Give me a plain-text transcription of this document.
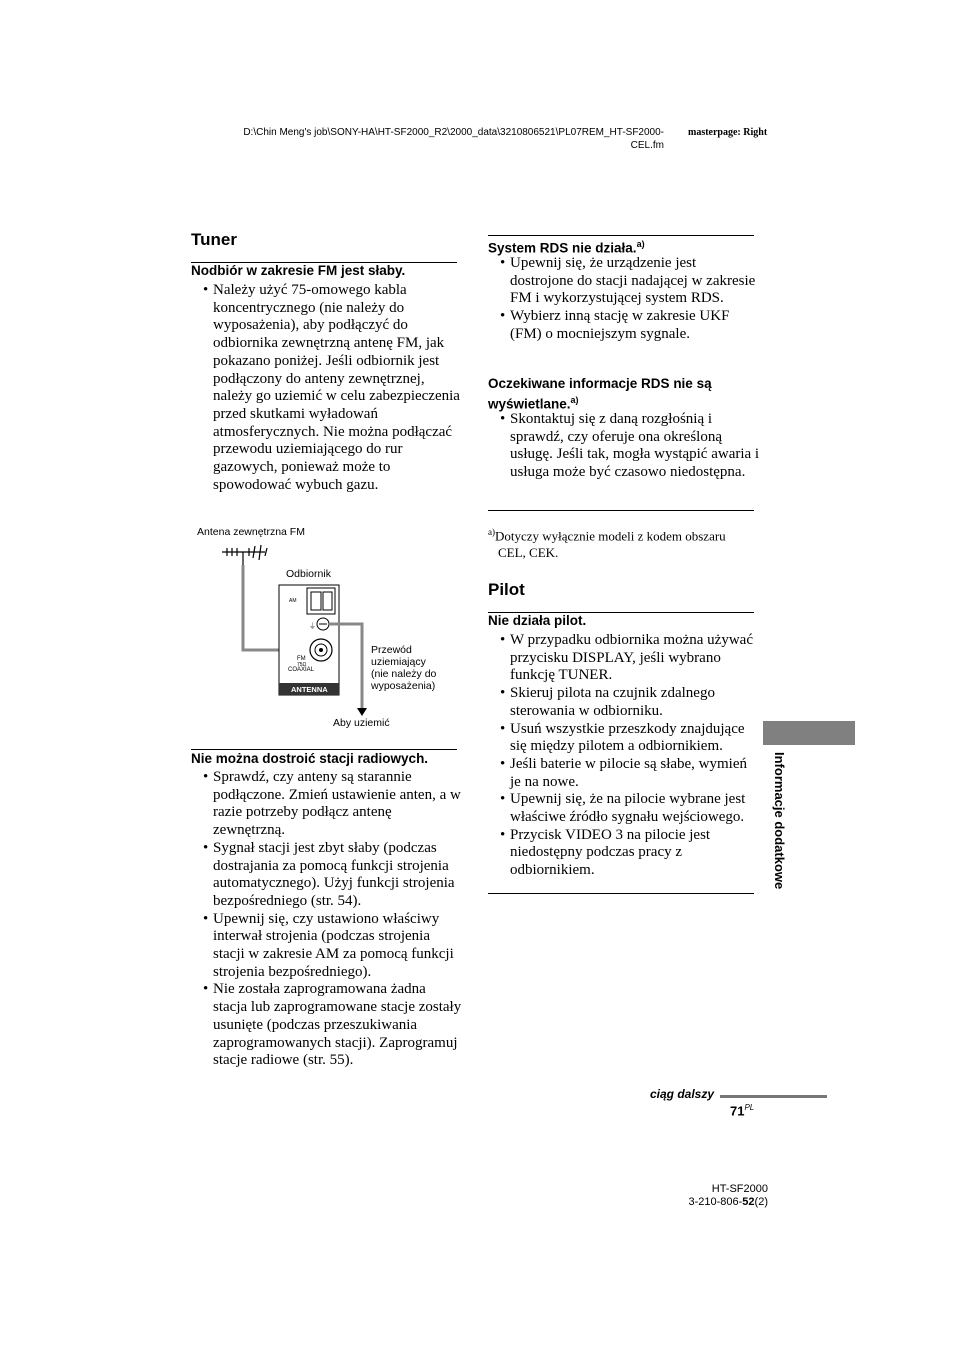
D:\Chin Meng's job\SONY-HA\HT-SF2000_R2\2000_data\3210806521\PL07REM_HT-SF2000-
CEL.fm
masterpage: Right
Tuner
Nodbiór w zakresie FM jest słaby.
• Należy użyć 75-omowego kabla koncentrycznego (nie należy do wyposażenia), aby podłączyć do odbiornika zewnętrzną antenę FM, jak pokazano poniżej. Jeśli odbiornik jest podłączony do anteny zewnętrznej, należy go uziemić w celu zabezpieczenia przed skutkami wyładowań atmosferycznych. Nie można podłączać przewodu uziemiającego do rur gazowych, ponieważ może to spowodować wybuch gazu.
Antena zewnętrzna FM
Odbiornik
Przewód
uziemiający
(nie należy do
wyposażenia)
Aby uziemić
AM
⏚
FM
75Ω
COAXIAL
ANTENNA
Nie można dostroić stacji radiowych.
• Sprawdź, czy anteny są starannie podłączone. Zmień ustawienie anten, a w razie potrzeby podłącz antenę zewnętrzną.
• Sygnał stacji jest zbyt słaby (podczas dostrajania za pomocą funkcji strojenia automatycznego). Użyj funkcji strojenia bezpośredniego (str. 54).
• Upewnij się, czy ustawiono właściwy interwał strojenia (podczas strojenia stacji w zakresie AM za pomocą funkcji strojenia bezpośredniego).
• Nie została zaprogramowana żadna stacja lub zaprogramowane stacje zostały usunięte (podczas przeszukiwania zaprogramowanych stacji). Zaprogramuj stacje radiowe (str. 55).
System RDS nie działa.$^{a)}$
• Upewnij się, że urządzenie jest dostrojone do stacji nadającej w zakresie FM i wykorzystującej system RDS.
• Wybierz inną stację w zakresie UKF (FM) o mocniejszym sygnale.
Oczekiwane informacje RDS nie są wyświetlane.$^{a)}$
• Skontaktuj się z daną rozgłośnią i sprawdź, czy oferuje ona określoną usługę. Jeśli tak, mogła wystąpić awaria i usługa może być czasowo niedostępna.
$^{a)}$Dotyczy wyłącznie modeli z kodem obszaru
CEL, CEK.
Pilot
Nie działa pilot.
• W przypadku odbiornika można używać przycisku DISPLAY, jeśli wybrano funkcję TUNER.
• Skieruj pilota na czujnik zdalnego sterowania w odbiorniku.
• Usuń wszystkie przeszkody znajdujące się między pilotem a odbiornikiem.
• Jeśli baterie w pilocie są słabe, wymień je na nowe.
• Upewnij się, że na pilocie wybrane jest właściwe źródło sygnału wejściowego.
• Przycisk VIDEO 3 na pilocie jest niedostępny podczas pracy z odbiornikiem.	Informacje dodatkowe
ciąg dalszy
$71^{PL}$
HT-SF2000
3-210-806-52(2)
